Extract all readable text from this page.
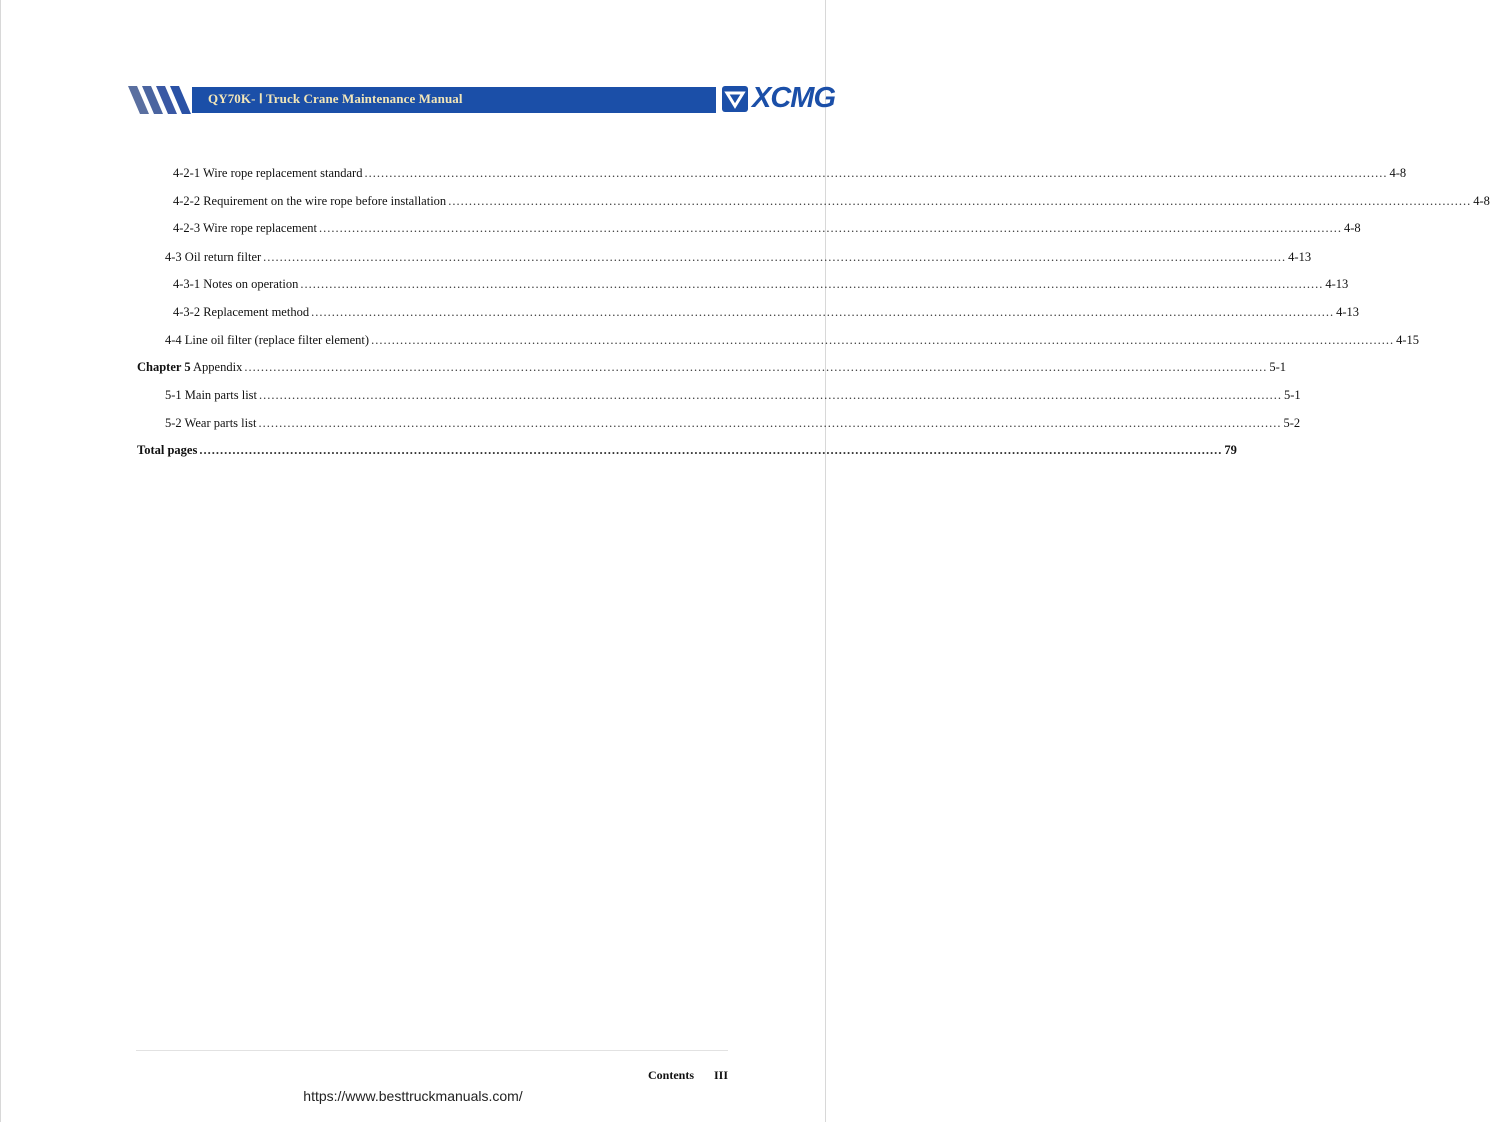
QY70K- Ⅰ Truck Crane Maintenance Manual	XCMG
4-2-1 Wire rope replacement standard .....	4-8
4-2-2 Requirement on the wire rope before installation .....	4-8
4-2-3 Wire rope replacement .....	4-8
4-3 Oil return filter .....	4-13
4-3-1 Notes on operation .....	4-13
4-3-2 Replacement method .....	4-13
4-4 Line oil filter (replace filter element) .....	4-15
Chapter 5 Appendix .....	5-1
5-1 Main parts list .....	5-1
5-2 Wear parts list .....	5-2
Total pages .....	79
Contents III
https://www.besttruckmanuals.com/
